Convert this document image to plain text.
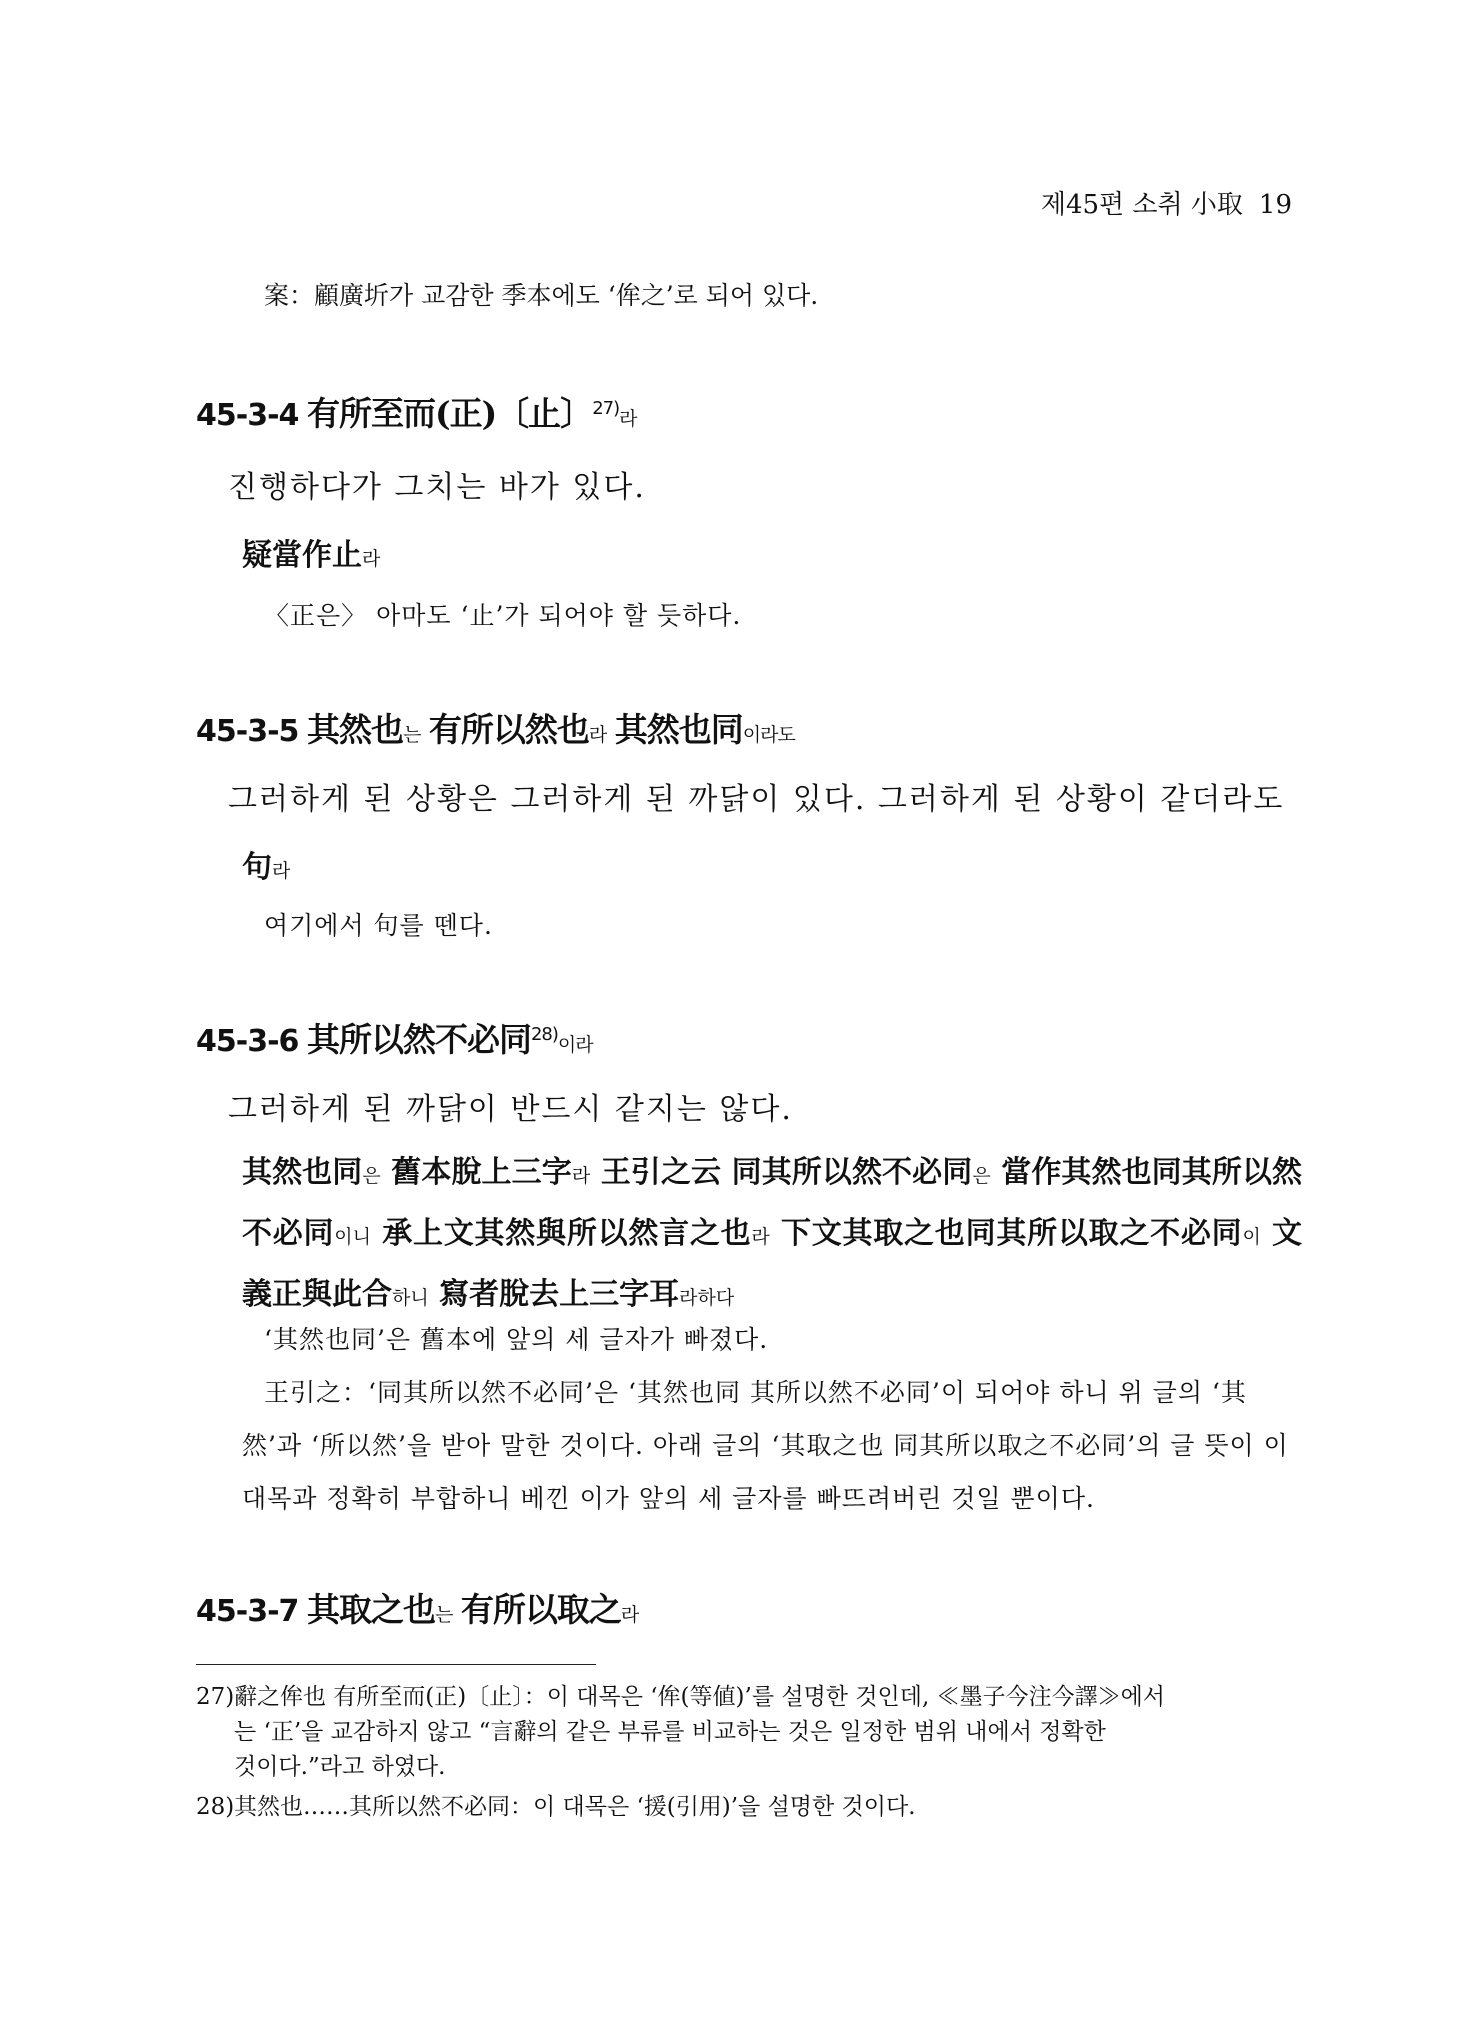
제45편 소취 小取 19
案：顧廣圻가 교감한 季本에도 ‘侔之’로 되어 있다.
45-3-4 有所至而(正)〔止〕$^{27)}$라
진행하다가 그치는 바가 있다.
疑當作止라
〈正은〉 아마도 ‘止’가 되어야 할 듯하다.
45-3-5 其然也는 有所以然也라 其然也同이라도
그러하게 된 상황은 그러하게 된 까닭이 있다. 그러하게 된 상황이 같더라도
句라
여기에서 句를 뗀다.
45-3-6 其所以然不必同$^{28)}$이라
그러하게 된 까닭이 반드시 같지는 않다.
其然也同은 舊本脫上三字라 王引之云 同其所以然不必同은 當作其然也同其所以然不必同이니 承上文其然與所以然言之也라 下文其取之也同其所以取之不必同이 文義正與此合하니 寫者脫去上三字耳라하다
‘其然也同’은 舊本에 앞의 세 글자가 빠졌다.
王引之：‘同其所以然不必同’은 ‘其然也同 其所以然不必同’이 되어야 하니 위 글의 ‘其然’과 ‘所以然’을 받아 말한 것이다. 아래 글의 ‘其取之也 同其所以取之不必同’의 글 뜻이 이 대목과 정확히 부합하니 베낀 이가 앞의 세 글자를 빠뜨려버린 것일 뿐이다.
45-3-7 其取之也는 有所以取之라
27)辭之侔也 有所至而(正)〔止〕：이 대목은 ‘侔(等値)’를 설명한 것인데, ≪墨子今注今譯≫에서
는 ‘正’을 교감하지 않고 “言辭의 같은 부류를 비교하는 것은 일정한 범위 내에서 정확한
것이다.”라고 하였다.
28)其然也……其所以然不必同：이 대목은 ‘援(引用)’을 설명한 것이다.
